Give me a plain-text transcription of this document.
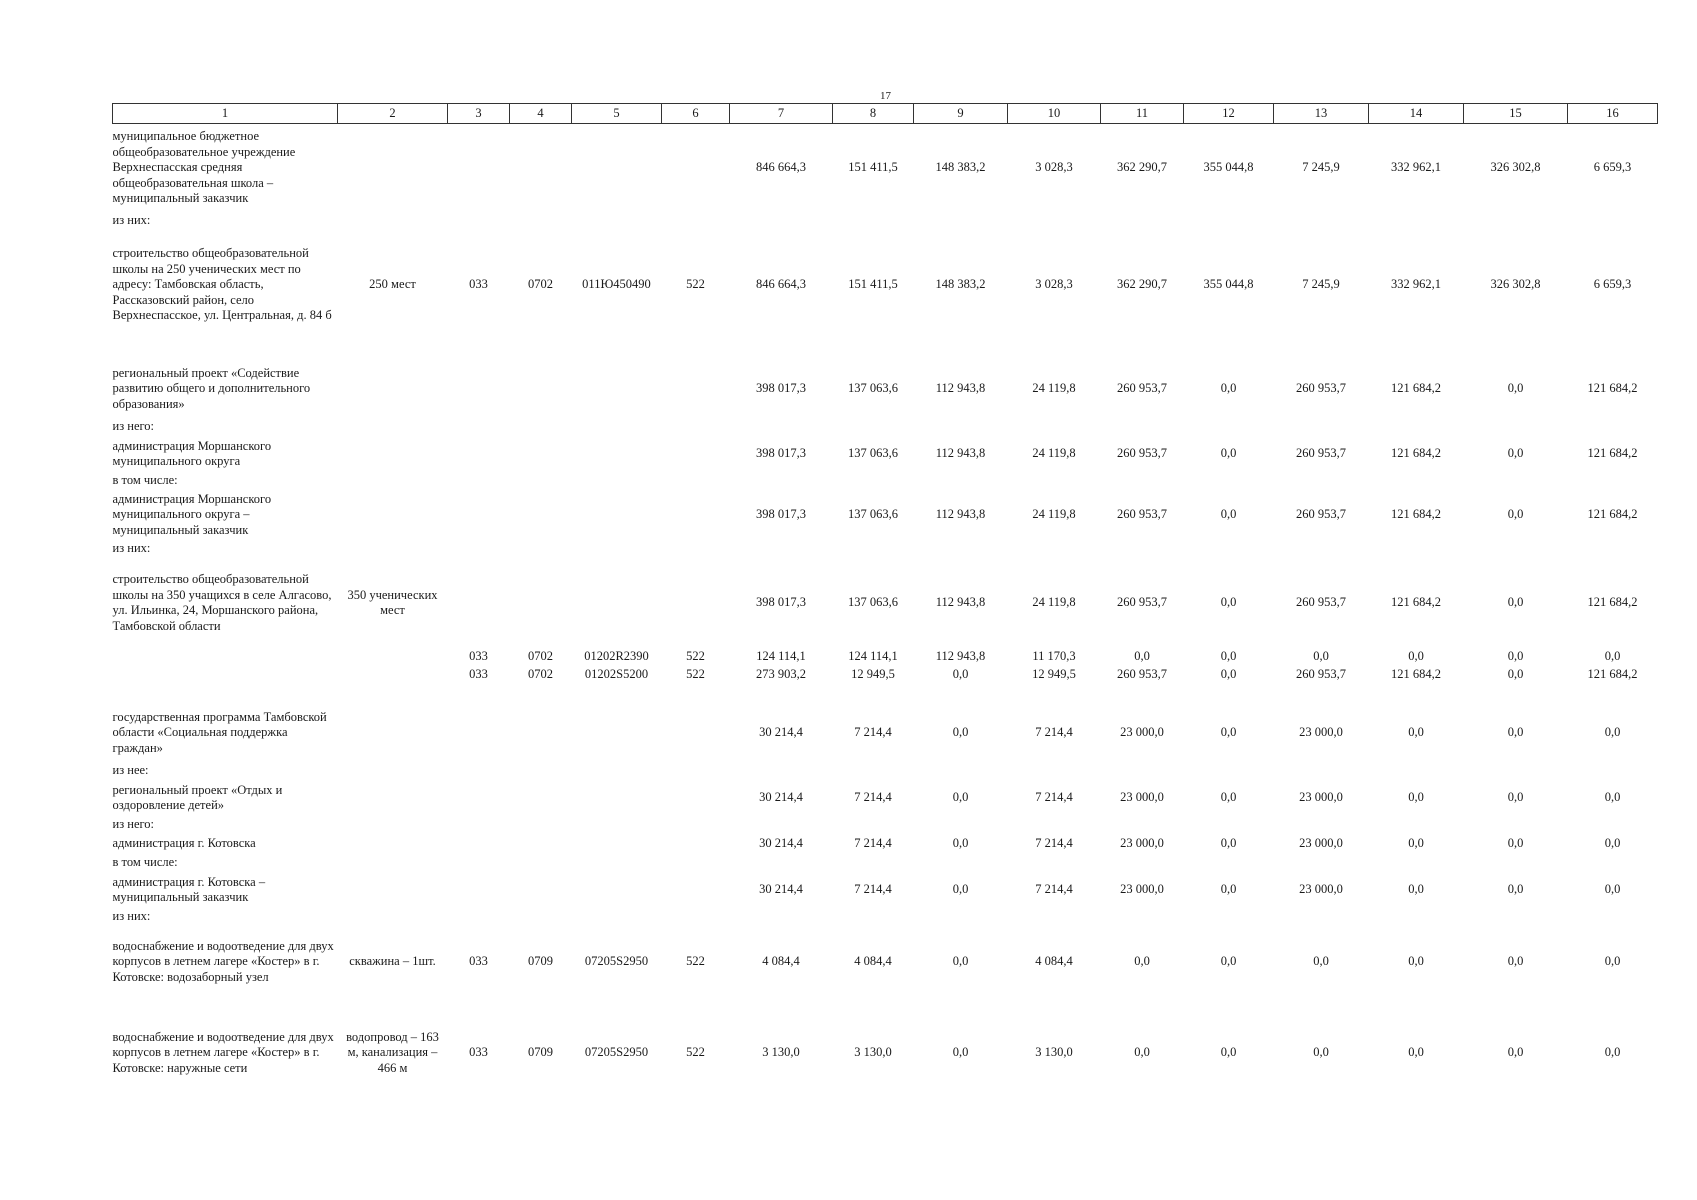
17
1	2	3	4	5	6	7	8	9	10	11	12	13	14	15	16
муниципальное бюджетное общеобразовательное учреждение Верхнеспасская средняя общеобразовательная школа – муниципальный заказчик						846 664,3	151 411,5	148 383,2	3 028,3	362 290,7	355 044,8	7 245,9	332 962,1	326 302,8	6 659,3
из них:															
строительство общеобразовательной школы на 250 ученических мест по адресу: Тамбовская область, Рассказовский район, село Верхнеспасское, ул. Центральная, д. 84 б	250 мест	033	0702	011Ю450490	522	846 664,3	151 411,5	148 383,2	3 028,3	362 290,7	355 044,8	7 245,9	332 962,1	326 302,8	6 659,3

региональный проект «Содействие развитию общего и дополнительного образования»						398 017,3	137 063,6	112 943,8	24 119,8	260 953,7	0,0	260 953,7	121 684,2	0,0	121 684,2
из него:															
администрация Моршанского муниципального округа						398 017,3	137 063,6	112 943,8	24 119,8	260 953,7	0,0	260 953,7	121 684,2	0,0	121 684,2
в том числе:															
администрация Моршанского муниципального округа – муниципальный заказчик						398 017,3	137 063,6	112 943,8	24 119,8	260 953,7	0,0	260 953,7	121 684,2	0,0	121 684,2
из них:															
строительство общеобразовательной школы на 350 учащихся в селе Алгасово, ул. Ильинка, 24, Моршанского района, Тамбовской области	350 ученических мест					398 017,3	137 063,6	112 943,8	24 119,8	260 953,7	0,0	260 953,7	121 684,2	0,0	121 684,2
		033	0702	01202R2390	522	124 114,1	124 114,1	112 943,8	11 170,3	0,0	0,0	0,0	0,0	0,0	0,0
		033	0702	01202S5200	522	273 903,2	12 949,5	0,0	12 949,5	260 953,7	0,0	260 953,7	121 684,2	0,0	121 684,2

государственная программа Тамбовской области «Социальная поддержка граждан»						30 214,4	7 214,4	0,0	7 214,4	23 000,0	0,0	23 000,0	0,0	0,0	0,0
из нее:															
региональный проект «Отдых и оздоровление детей»						30 214,4	7 214,4	0,0	7 214,4	23 000,0	0,0	23 000,0	0,0	0,0	0,0
из него:															
администрация г. Котовска						30 214,4	7 214,4	0,0	7 214,4	23 000,0	0,0	23 000,0	0,0	0,0	0,0
в том числе:															
администрация г. Котовска – муниципальный заказчик						30 214,4	7 214,4	0,0	7 214,4	23 000,0	0,0	23 000,0	0,0	0,0	0,0
из них:															
водоснабжение и водоотведение для двух корпусов в летнем лагере «Костер» в г. Котовске: водозаборный узел	скважина – 1шт.	033	0709	07205S2950	522	4 084,4	4 084,4	0,0	4 084,4	0,0	0,0	0,0	0,0	0,0	0,0

водоснабжение и водоотведение для двух корпусов в летнем лагере «Костер» в г. Котовске: наружные сети	водопровод – 163 м, канализация – 466 м	033	0709	07205S2950	522	3 130,0	3 130,0	0,0	3 130,0	0,0	0,0	0,0	0,0	0,0	0,0
